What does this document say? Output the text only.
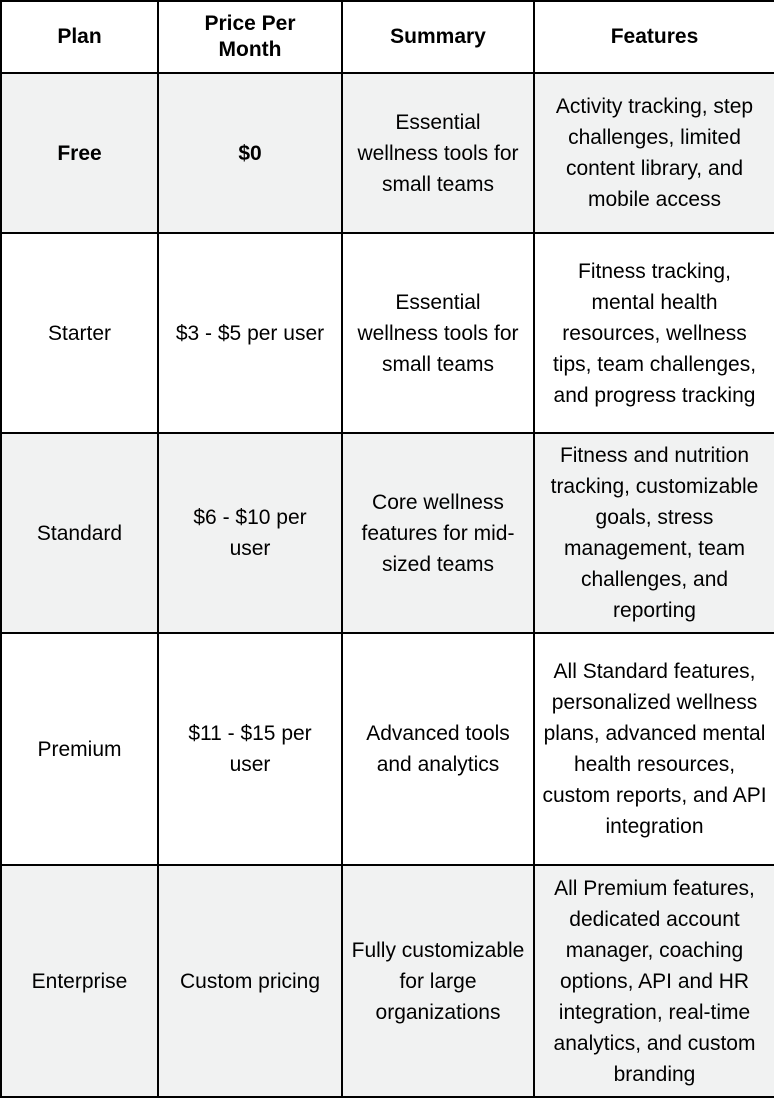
Plan	Price Per Month	Summary	Features
Free	$0	Essential wellness tools for small teams	Activity tracking, step challenges, limited content library, and mobile access
Starter	$3 - $5 per user	Essential wellness tools for small teams	Fitness tracking, mental health resources, wellness tips, team challenges, and progress tracking
Standard	$6 - $10 per user	Core wellness features for mid-sized teams	Fitness and nutrition tracking, customizable goals, stress management, team challenges, and reporting
Premium	$11 - $15 per user	Advanced tools and analytics	All Standard features, personalized wellness plans, advanced mental health resources, custom reports, and API integration
Enterprise	Custom pricing	Fully customizable for large organizations	All Premium features, dedicated account manager, coaching options, API and HR integration, real-time analytics, and custom branding
